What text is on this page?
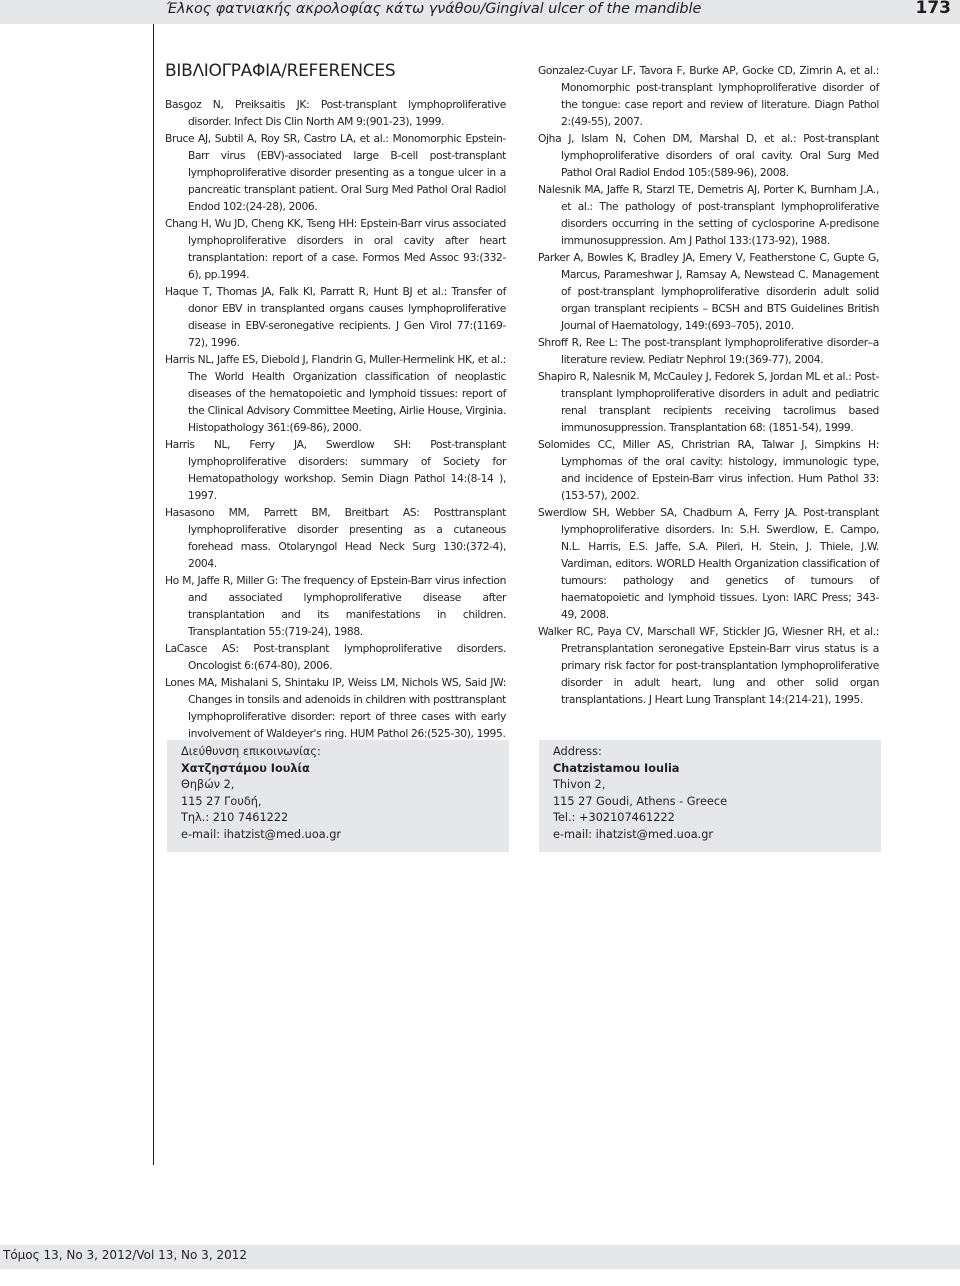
Έλκος φατνιακής ακρολοφίας κάτω γνάθου/Gingival ulcer of the mandible	173
ΒΙΒΛΙΟΓΡΑΦΙΑ/REFERENCES

Basgoz N, Preiksaitis JK: Post-transplant lymphoproliferative disorder. Infect Dis Clin North AM 9:(901-23), 1999.

Bruce AJ, Subtil A, Roy SR, Castro LA, et al.: Monomorphic Epstein-Barr virus (EBV)-associated large B-cell post-transplant lymphoproliferative disorder presenting as a tongue ulcer in a pancreatic transplant patient. Oral Surg Med Pathol Oral Radiol Endod 102:(24-28), 2006.

Chang H, Wu JD, Cheng KK, Tseng HH: Epstein-Barr virus associated lymphoproliferative disorders in oral cavity after heart transplantation: report of a case. Formos Med Assoc 93:(332-6), pp.1994.

Haque T, Thomas JA, Falk KI, Parratt R, Hunt BJ et al.: Transfer of donor EBV in transplanted organs causes lymphoproliferative disease in EBV-seronegative recipients. J Gen Virol 77:(1169-72), 1996.

Harris NL, Jaffe ES, Diebold J, Flandrin G, Muller-Hermelink HK, et al.: The World Health Organization classification of neoplastic diseases of the hematopoietic and lymphoid tissues: report of the Clinical Advisory Committee Meeting, Airlie House, Virginia. Histopathology 361:(69-86), 2000.

Harris NL, Ferry JA, Swerdlow SH: Post-transplant lymphoproliferative disorders: summary of Society for Hematopathology workshop. Semin Diagn Pathol 14:(8-14 ), 1997.

Hasasono MM, Parrett BM, Breitbart AS: Posttransplant lymphoproliferative disorder presenting as a cutaneous forehead mass. Otolaryngol Head Neck Surg 130:(372-4), 2004.

Ho M, Jaffe R, Miller G: The frequency of Epstein-Barr virus infection and associated lymphoproliferative disease after transplantation and its manifestations in children. Transplantation 55:(719-24), 1988.

LaCasce AS: Post-transplant lymphoproliferative disorders. Oncologist 6:(674-80), 2006.

Lones MA, Mishalani S, Shintaku IP, Weiss LM, Nichols WS, Said JW: Changes in tonsils and adenoids in children with posttransplant lymphoproliferative disorder: report of three cases with early involvement of Waldeyer's ring. HUM Pathol 26:(525-30), 1995.

Gonzalez-Cuyar LF, Tavora F, Burke AP, Gocke CD, Zimrin A, et al.: Monomorphic post-transplant lymphoproliferative disorder of the tongue: case report and review of literature. Diagn Pathol 2:(49-55), 2007.

Ojha J, Islam N, Cohen DM, Marshal D, et al.: Post-transplant lymphoproliferative disorders of oral cavity. Oral Surg Med Pathol Oral Radiol Endod 105:(589-96), 2008.

Nalesnik MA, Jaffe R, Starzl TE, Demetris AJ, Porter K, Burnham J.A., et al.: The pathology of post-transplant lymphoproliferative disorders occurring in the setting of cyclosporine A-predisone immunosuppression. Am J Pathol 133:(173-92), 1988.

Parker A, Bowles K, Bradley JA, Emery V, Featherstone C, Gupte G, Marcus, Parameshwar J, Ramsay A, Newstead C. Management of post-transplant lymphoproliferative disorderin adult solid organ transplant recipients – BCSH and BTS Guidelines British Journal of Haematology, 149:(693–705), 2010.

Shroff R, Ree L: The post-transplant lymphoproliferative disorder–a literature review. Pediatr Nephrol 19:(369-77), 2004.

Shapiro R, Nalesnik M, McCauley J, Fedorek S, Jordan ML et al.: Post-transplant lymphoproliferative disorders in adult and pediatric renal transplant recipients receiving tacrolimus based immunosuppression. Transplantation 68: (1851-54), 1999.

Solomides CC, Miller AS, Christrian RA, Talwar J, Simpkins H: Lymphomas of the oral cavity: histology, immunologic type, and incidence of Epstein-Barr virus infection. Hum Pathol 33:(153-57), 2002.

Swerdlow SH, Webber SA, Chadburn A, Ferry JA. Post-transplant lymphoproliferative disorders. In: S.H. Swerdlow, E. Campo, N.L. Harris, E.S. Jaffe, S.A. Pileri, H. Stein, J. Thiele, J.W. Vardiman, editors. WORLD Health Organization classification of tumours: pathology and genetics of tumours of haematopoietic and lymphoid tissues. Lyon: IARC Press; 343-49, 2008.

Walker RC, Paya CV, Marschall WF, Stickler JG, Wiesner RH, et al.: Pretransplantation seronegative Epstein-Barr virus status is a primary risk factor for post-transplantation lymphoproliferative disorder in adult heart, lung and other solid organ transplantations. J Heart Lung Transplant 14:(214-21), 1995.

Διεύθυνση επικοινωνίας:
Χατζηστάμου Ιουλία
Θηβών 2,
115 27 Γουδή,
Τηλ.: 210 7461222
e-mail: ihatzist@med.uoa.gr
Address:
Chatzistamou Ioulia
Thivon 2,
115 27 Goudi, Athens - Greece
Tel.: +302107461222
e-mail: ihatzist@med.uoa.gr
Τόμος 13, Νο 3, 2012/Vol 13, No 3, 2012
